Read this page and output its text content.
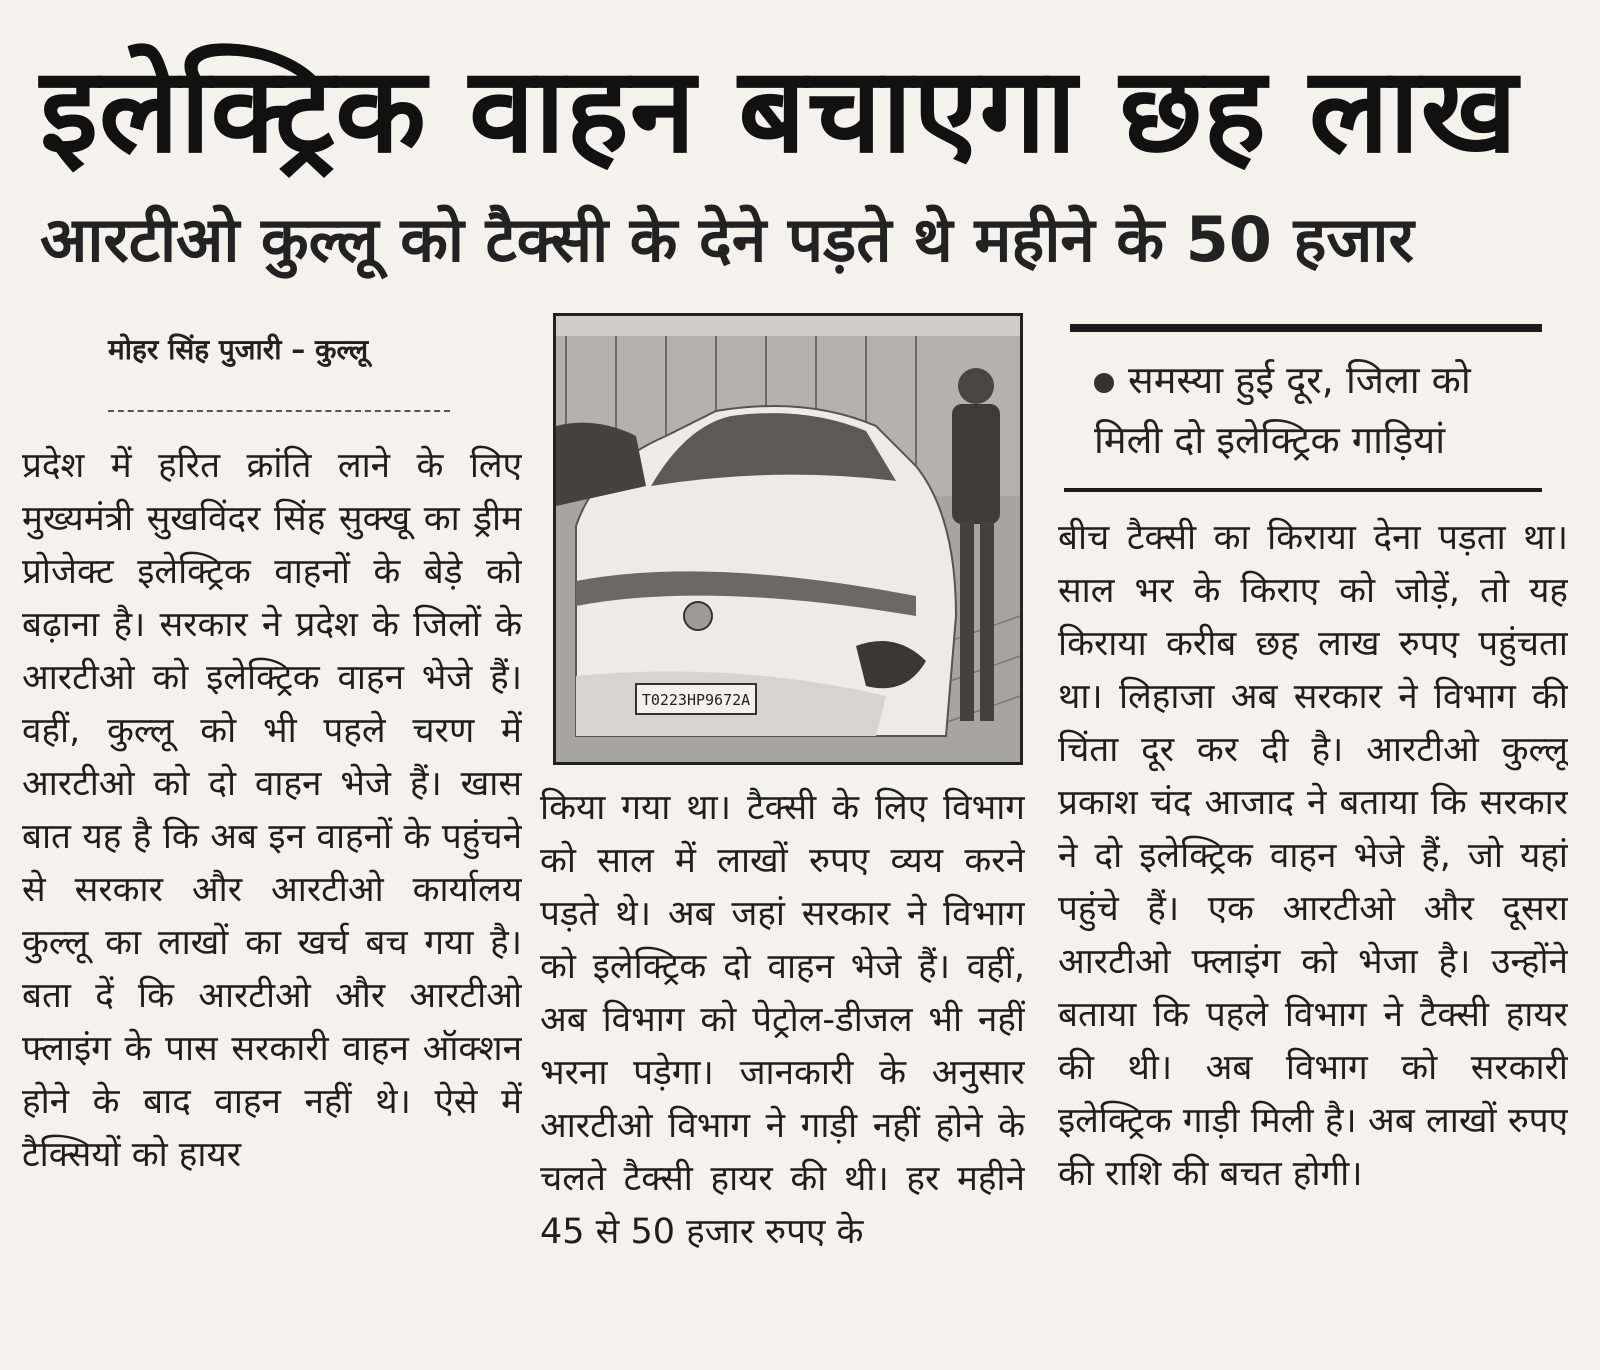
इलेक्ट्रिक वाहन बचाएगा छह लाख
आरटीओ कुल्लू को टैक्सी के देने पड़ते थे महीने के 50 हजार
मोहर सिंह पुजारी – कुल्लू

प्रदेश में हरित क्रांति लाने के लिए मुख्यमंत्री सुखविंदर सिंह सुक्खू का ड्रीम प्रोजेक्ट इलेक्ट्रिक वाहनों के बेड़े को बढ़ाना है। सरकार ने प्रदेश के जिलों के आरटीओ को इलेक्ट्रिक वाहन भेजे हैं। वहीं, कुल्लू को भी पहले चरण में आरटीओ को दो वाहन भेजे हैं। खास बात यह है कि अब इन वाहनों के पहुंचने से सरकार और आरटीओ कार्यालय कुल्लू का लाखों का खर्च बच गया है। बता दें कि आरटीओ और आरटीओ फ्लाइंग के पास सरकारी वाहन ऑक्शन होने के बाद वाहन नहीं थे। ऐसे में टैक्सियों को हायर

T0223HP9672A

किया गया था। टैक्सी के लिए विभाग को साल में लाखों रुपए व्यय करने पड़ते थे। अब जहां सरकार ने विभाग को इलेक्ट्रिक दो वाहन भेजे हैं। वहीं, अब विभाग को पेट्रोल-डीजल भी नहीं भरना पड़ेगा। जानकारी के अनुसार आरटीओ विभाग ने गाड़ी नहीं होने के चलते टैक्सी हायर की थी। हर महीने 45 से 50 हजार रुपए के

समस्या हुई दूर, जिला को मिली दो इलेक्ट्रिक गाड़ियां

बीच टैक्सी का किराया देना पड़ता था। साल भर के किराए को जोड़ें, तो यह किराया करीब छह लाख रुपए पहुंचता था। लिहाजा अब सरकार ने विभाग की चिंता दूर कर दी है। आरटीओ कुल्लू प्रकाश चंद आजाद ने बताया कि सरकार ने दो इलेक्ट्रिक वाहन भेजे हैं, जो यहां पहुंचे हैं। एक आरटीओ और दूसरा आरटीओ फ्लाइंग को भेजा है। उन्होंने बताया कि पहले विभाग ने टैक्सी हायर की थी। अब विभाग को सरकारी इलेक्ट्रिक गाड़ी मिली है। अब लाखों रुपए की राशि की बचत होगी।
